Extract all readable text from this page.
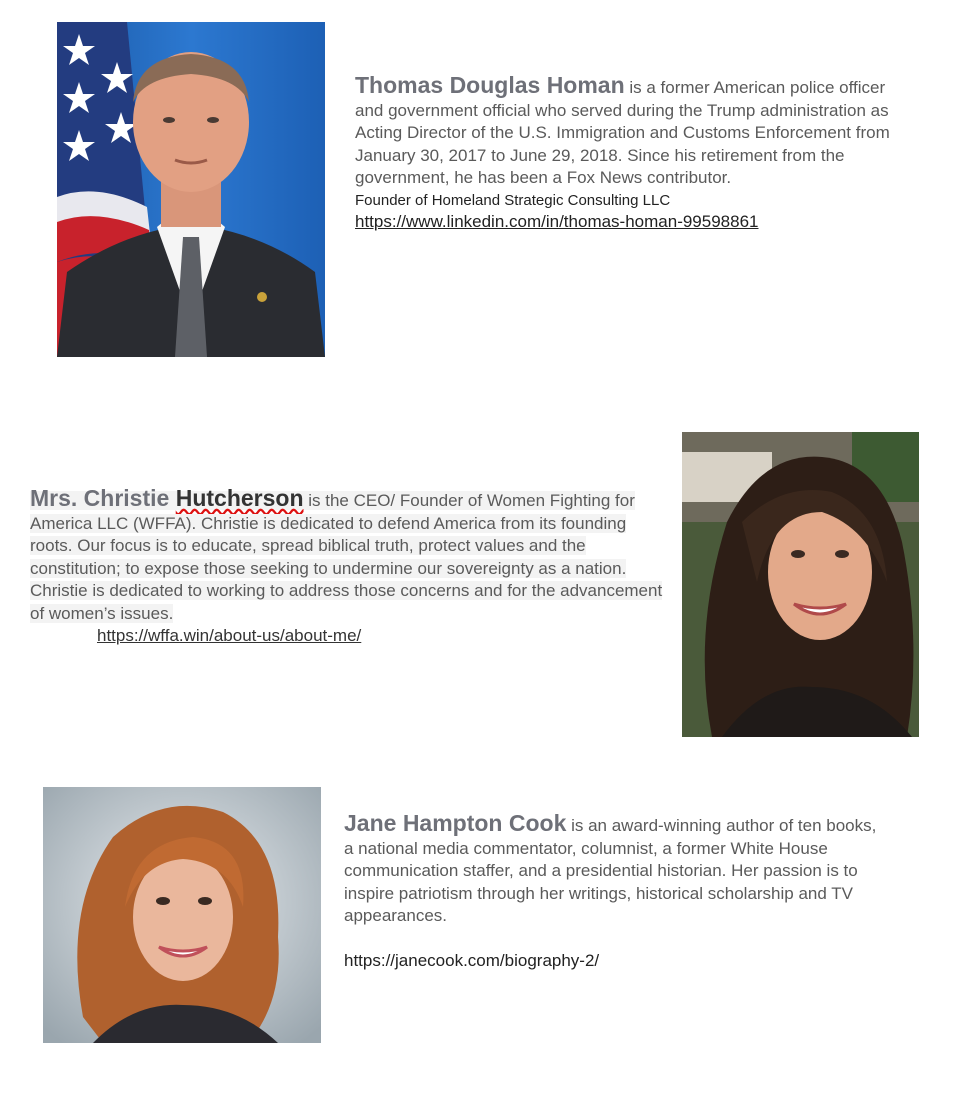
Thomas Douglas Homan is a former American police officer and government official who served during the Trump administration as Acting Director of the U.S. Immigration and Customs Enforcement from January 30, 2017 to June 29, 2018. Since his retirement from the government, he has been a Fox News contributor.
Founder of Homeland Strategic Consulting LLC
https://www.linkedin.com/in/thomas-homan-99598861
Mrs. Christie Hutcherson is the CEO/ Founder of Women Fighting for America LLC (WFFA). Christie is dedicated to defend America from its founding roots. Our focus is to educate, spread biblical truth, protect values and the constitution; to expose those seeking to undermine our sovereignty as a nation. Christie is dedicated to working to address those concerns and for the advancement of women’s issues.
https://wffa.win/about-us/about-me/
Jane Hampton Cook is an award-winning author of ten books, a national media commentator, columnist, a former White House communication staffer, and a presidential historian. Her passion is to inspire patriotism through her writings, historical scholarship and TV appearances.
https://janecook.com/biography-2/
